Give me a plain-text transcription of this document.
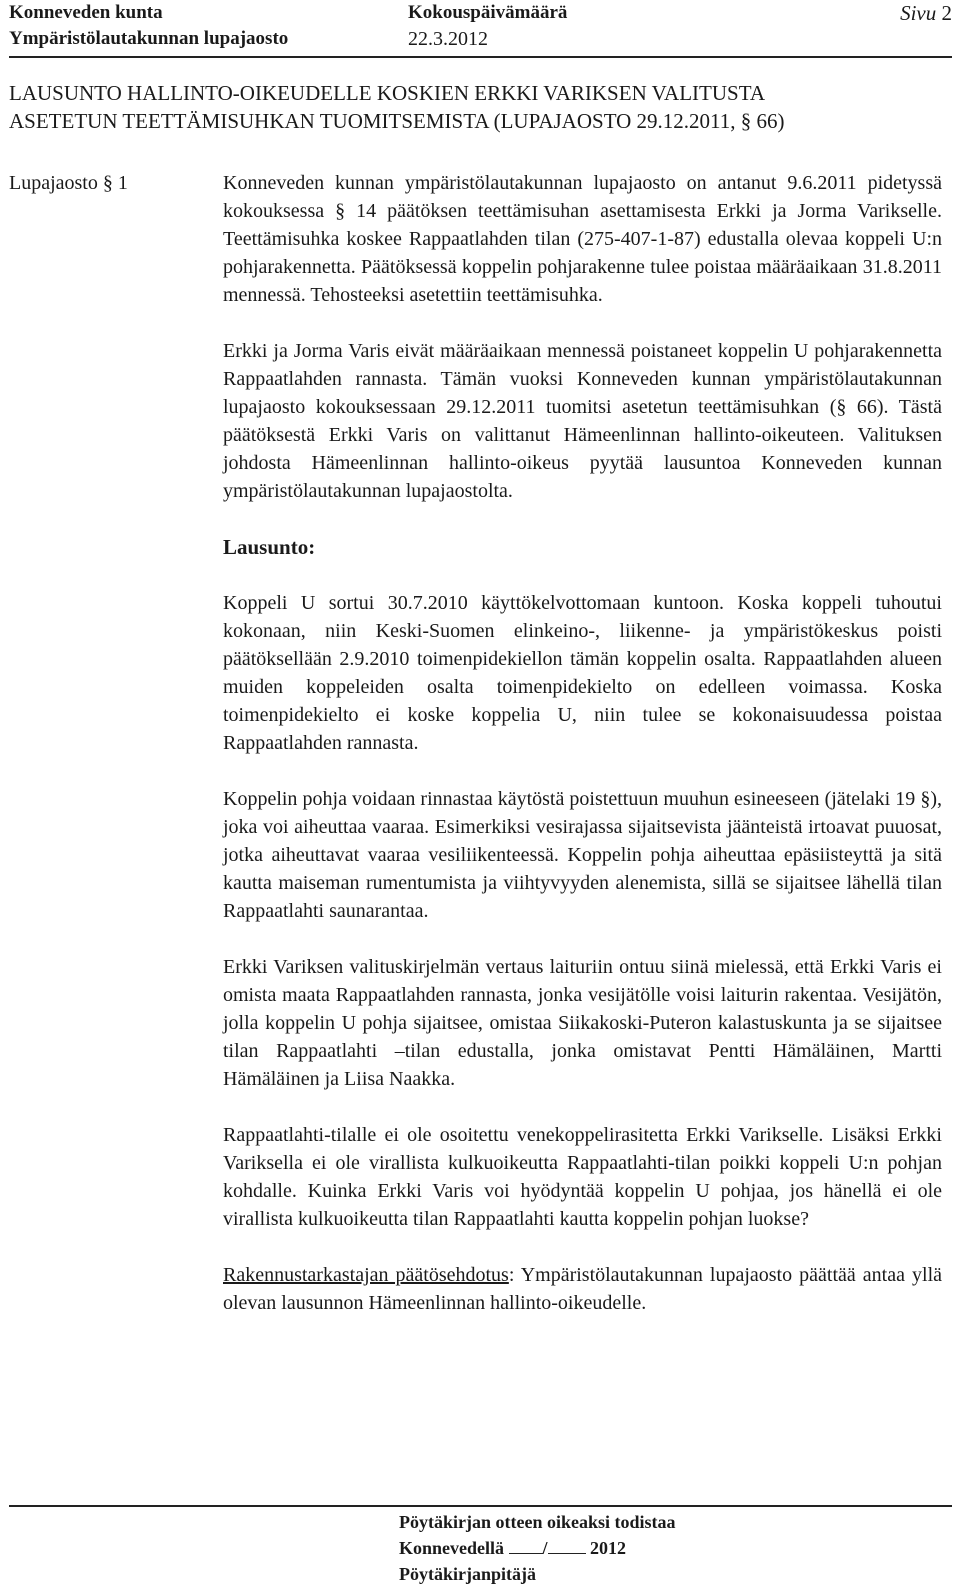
Konneveden kunta
Ympäristölautakunnan lupajaosto
Kokouspäivämäärä
22.3.2012
Sivu 2
LAUSUNTO HALLINTO-OIKEUDELLE KOSKIEN ERKKI VARIKSEN VALITUSTA
ASETETUN TEETTÄMISUHKAN TUOMITSEMISTA (LUPAJAOSTO 29.12.2011, § 66)
Lupajaosto § 1	Konneveden kunnan ympäristölautakunnan lupajaosto on antanut 9.6.2011 pidetyssä kokouksessa § 14 päätöksen teettämisuhan asettamisesta Erkki ja Jorma Varikselle. Teettämisuhka koskee Rappaatlahden tilan (275-407-1-87) edustalla olevaa koppeli U:n pohjarakennetta. Päätöksessä koppelin pohjarakenne tulee poistaa määräaikaan 31.8.2011 mennessä. Tehosteeksi asetettiin teettämisuhka.

Erkki ja Jorma Varis eivät määräaikaan mennessä poistaneet koppelin U pohjarakennetta Rappaatlahden rannasta. Tämän vuoksi Konneveden kunnan ympäristölautakunnan lupajaosto kokouksessaan 29.12.2011 tuomitsi asetetun teettämisuhkan (§ 66). Tästä päätöksestä Erkki Varis on valittanut Hämeenlinnan hallinto-oikeuteen. Valituksen johdosta Hämeenlinnan hallinto-oikeus pyytää lausuntoa Konneveden kunnan ympäristölautakunnan lupajaostolta.

Lausunto:

Koppeli U sortui 30.7.2010 käyttökelvottomaan kuntoon. Koska koppeli tuhoutui kokonaan, niin Keski-Suomen elinkeino-, liikenne- ja ympäristökeskus poisti päätöksellään 2.9.2010 toimenpidekiellon tämän koppelin osalta. Rappaatlahden alueen muiden koppeleiden osalta toimenpidekielto on edelleen voimassa. Koska toimenpidekielto ei koske koppelia U, niin tulee se kokonaisuudessa poistaa Rappaatlahden rannasta.

Koppelin pohja voidaan rinnastaa käytöstä poistettuun muuhun esineeseen (jätelaki 19 §), joka voi aiheuttaa vaaraa. Esimerkiksi vesirajassa sijaitsevista jäänteistä irtoavat puuosat, jotka aiheuttavat vaaraa vesiliikenteessä. Koppelin pohja aiheuttaa epäsiisteyttä ja sitä kautta maiseman rumentumista ja viihtyvyyden alenemista, sillä se sijaitsee lähellä tilan Rappaatlahti saunarantaa.

Erkki Variksen valituskirjelmän vertaus laituriin ontuu siinä mielessä, että Erkki Varis ei omista maata Rappaatlahden rannasta, jonka vesijätölle voisi laiturin rakentaa. Vesijätön, jolla koppelin U pohja sijaitsee, omistaa Siikakoski-Puteron kalastuskunta ja se sijaitsee tilan Rappaatlahti –tilan edustalla, jonka omistavat Pentti Hämäläinen, Martti Hämäläinen ja Liisa Naakka.

Rappaatlahti-tilalle ei ole osoitettu venekoppelirasitetta Erkki Varikselle. Lisäksi Erkki Variksella ei ole virallista kulkuoikeutta Rappaatlahti-tilan poikki koppeli U:n pohjan kohdalle. Kuinka Erkki Varis voi hyödyntää koppelin U pohjaa, jos hänellä ei ole virallista kulkuoikeutta tilan Rappaatlahti kautta koppelin pohjan luokse?

Rakennustarkastajan päätösehdotus: Ympäristölautakunnan lupajaosto päättää antaa yllä olevan lausunnon Hämeenlinnan hallinto-oikeudelle.

Pöytäkirjan otteen oikeaksi todistaa
Konnevedellä / 2012
Pöytäkirjanpitäjä
